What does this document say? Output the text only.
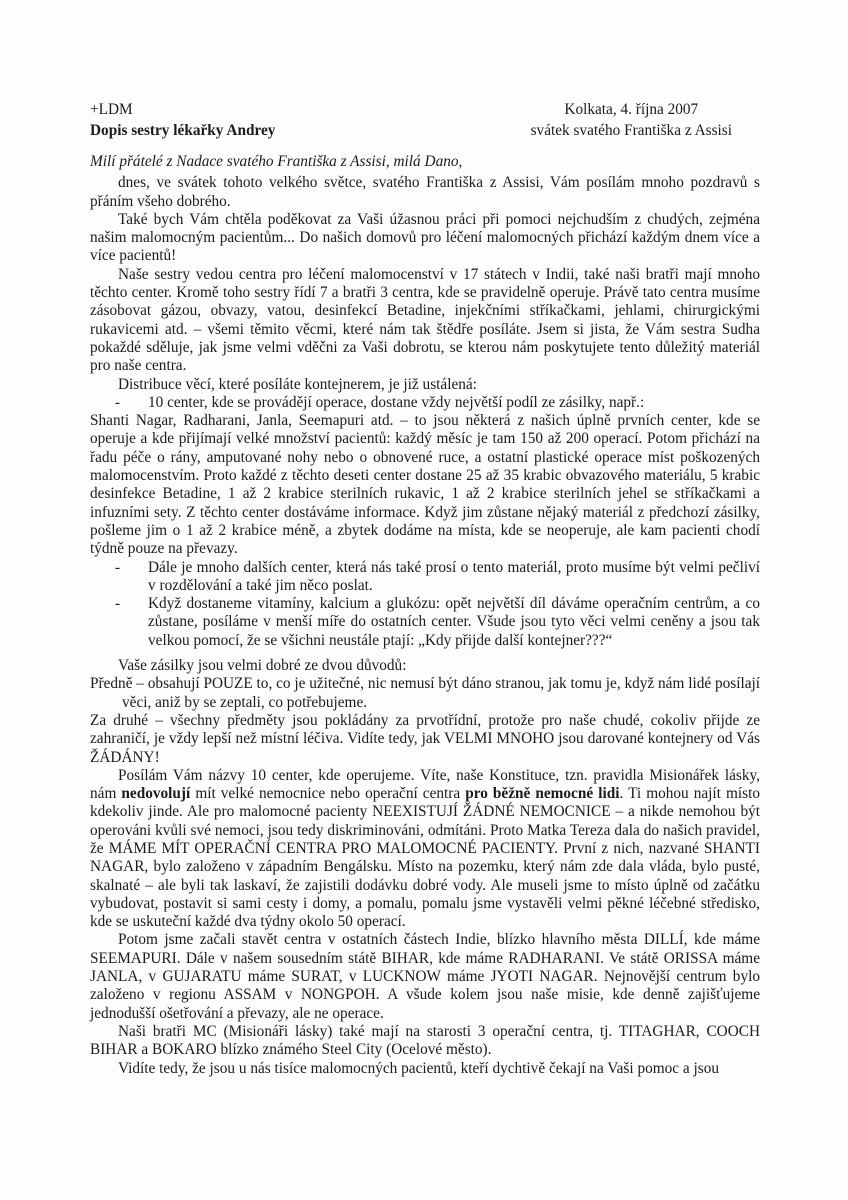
+LDM
Dopis sestry lékařky Andrey
Kolkata, 4. října 2007
svátek svatého Františka z Assisi
Milí přátelé z Nadace svatého Františka z Assisi, milá Dano,
dnes, ve svátek tohoto velkého světce, svatého Františka z Assisi, Vám posílám mnoho pozdravů s přáním všeho dobrého.
Také bych Vám chtěla poděkovat za Vaši úžasnou práci při pomoci nejchudším z chudých, zejména našim malomocným pacientům... Do našich domovů pro léčení malomocných přichází každým dnem více a více pacientů!
Naše sestry vedou centra pro léčení malomocenství v 17 státech v Indii, také naši bratři mají mnoho těchto center. Kromě toho sestry řídí 7 a bratři 3 centra, kde se pravidelně operuje. Právě tato centra musíme zásobovat gázou, obvazy, vatou, desinfekcí Betadine, injekčními stříkačkami, jehlami, chirurgickými rukavicemi atd. – všemi těmito věcmi, které nám tak štědře posíláte. Jsem si jista, že Vám sestra Sudha pokaždé sděluje, jak jsme velmi vděčni za Vaši dobrotu, se kterou nám poskytujete tento důležitý materiál pro naše centra.
Distribuce věcí, které posíláte kontejnerem, je již ustálená:
- 10 center, kde se provádějí operace, dostane vždy největší podíl ze zásilky, např.:
Shanti Nagar, Radharani, Janla, Seemapuri atd. – to jsou některá z našich úplně prvních center, kde se operuje a kde přijímají velké množství pacientů: každý měsíc je tam 150 až 200 operací. Potom přichází na řadu péče o rány, amputované nohy nebo o obnovené ruce, a ostatní plastické operace míst poškozených malomocenstvím. Proto každé z těchto deseti center dostane 25 až 35 krabic obvazového materiálu, 5 krabic desinfekce Betadine, 1 až 2 krabice sterilních rukavic, 1 až 2 krabice sterilních jehel se stříkačkami a infuzními sety. Z těchto center dostáváme informace. Když jim zůstane nějaký materiál z předchozí zásilky, pošleme jim o 1 až 2 krabice méně, a zbytek dodáme na místa, kde se neoperuje, ale kam pacienti chodí týdně pouze na převazy.
- Dále je mnoho dalších center, která nás také prosí o tento materiál, proto musíme být velmi pečliví v rozdělování a také jim něco poslat.
- Když dostaneme vitamíny, kalcium a glukózu: opět největší díl dáváme operačním centrům, a co zůstane, posíláme v menší míře do ostatních center. Všude jsou tyto věci velmi ceněny a jsou tak velkou pomocí, že se všichni neustále ptají: „Kdy přijde další kontejner???“
Vaše zásilky jsou velmi dobré ze dvou důvodů:
Předně – obsahují POUZE to, co je užitečné, nic nemusí být dáno stranou, jak tomu je, když nám lidé posílají věci, aniž by se zeptali, co potřebujeme.
Za druhé – všechny předměty jsou pokládány za prvotřídní, protože pro naše chudé, cokoliv přijde ze zahraničí, je vždy lepší než místní léčiva. Vidíte tedy, jak VELMI MNOHO jsou darované kontejnery od Vás ŽÁDÁNY!
Posílám Vám názvy 10 center, kde operujeme. Víte, naše Konstituce, tzn. pravidla Misionářek lásky, nám nedovolují mít velké nemocnice nebo operační centra pro běžně nemocné lidi. Ti mohou najít místo kdekoliv jinde. Ale pro malomocné pacienty NEEXISTUJÍ ŽÁDNÉ NEMOCNICE – a nikde nemohou být operováni kvůli své nemoci, jsou tedy diskriminováni, odmítáni. Proto Matka Tereza dala do našich pravidel, že MÁME MÍT OPERAČNÍ CENTRA PRO MALOMOCNÉ PACIENTY. První z nich, nazvané SHANTI NAGAR, bylo založeno v západním Bengálsku. Místo na pozemku, který nám zde dala vláda, bylo pusté, skalnaté – ale byli tak laskaví, že zajistili dodávku dobré vody. Ale museli jsme to místo úplně od začátku vybudovat, postavit si sami cesty i domy, a pomalu, pomalu jsme vystavěli velmi pěkné léčebné středisko, kde se uskuteční každé dva týdny okolo 50 operací.
Potom jsme začali stavět centra v ostatních částech Indie, blízko hlavního města DILLÍ, kde máme SEEMAPURI. Dále v našem sousedním státě BIHAR, kde máme RADHARANI. Ve státě ORISSA máme JANLA, v GUJARATU máme SURAT, v LUCKNOW máme JYOTI NAGAR. Nejnovější centrum bylo založeno v regionu ASSAM v NONGPOH. A všude kolem jsou naše misie, kde denně zajišťujeme jednodušší ošetřování a převazy, ale ne operace.
Naši bratři MC (Misionáři lásky) také mají na starosti 3 operační centra, tj. TITAGHAR, COOCH BIHAR a BOKARO blízko známého Steel City (Ocelové město).
Vidíte tedy, že jsou u nás tisíce malomocných pacientů, kteří dychtivě čekají na Vaši pomoc a jsou
